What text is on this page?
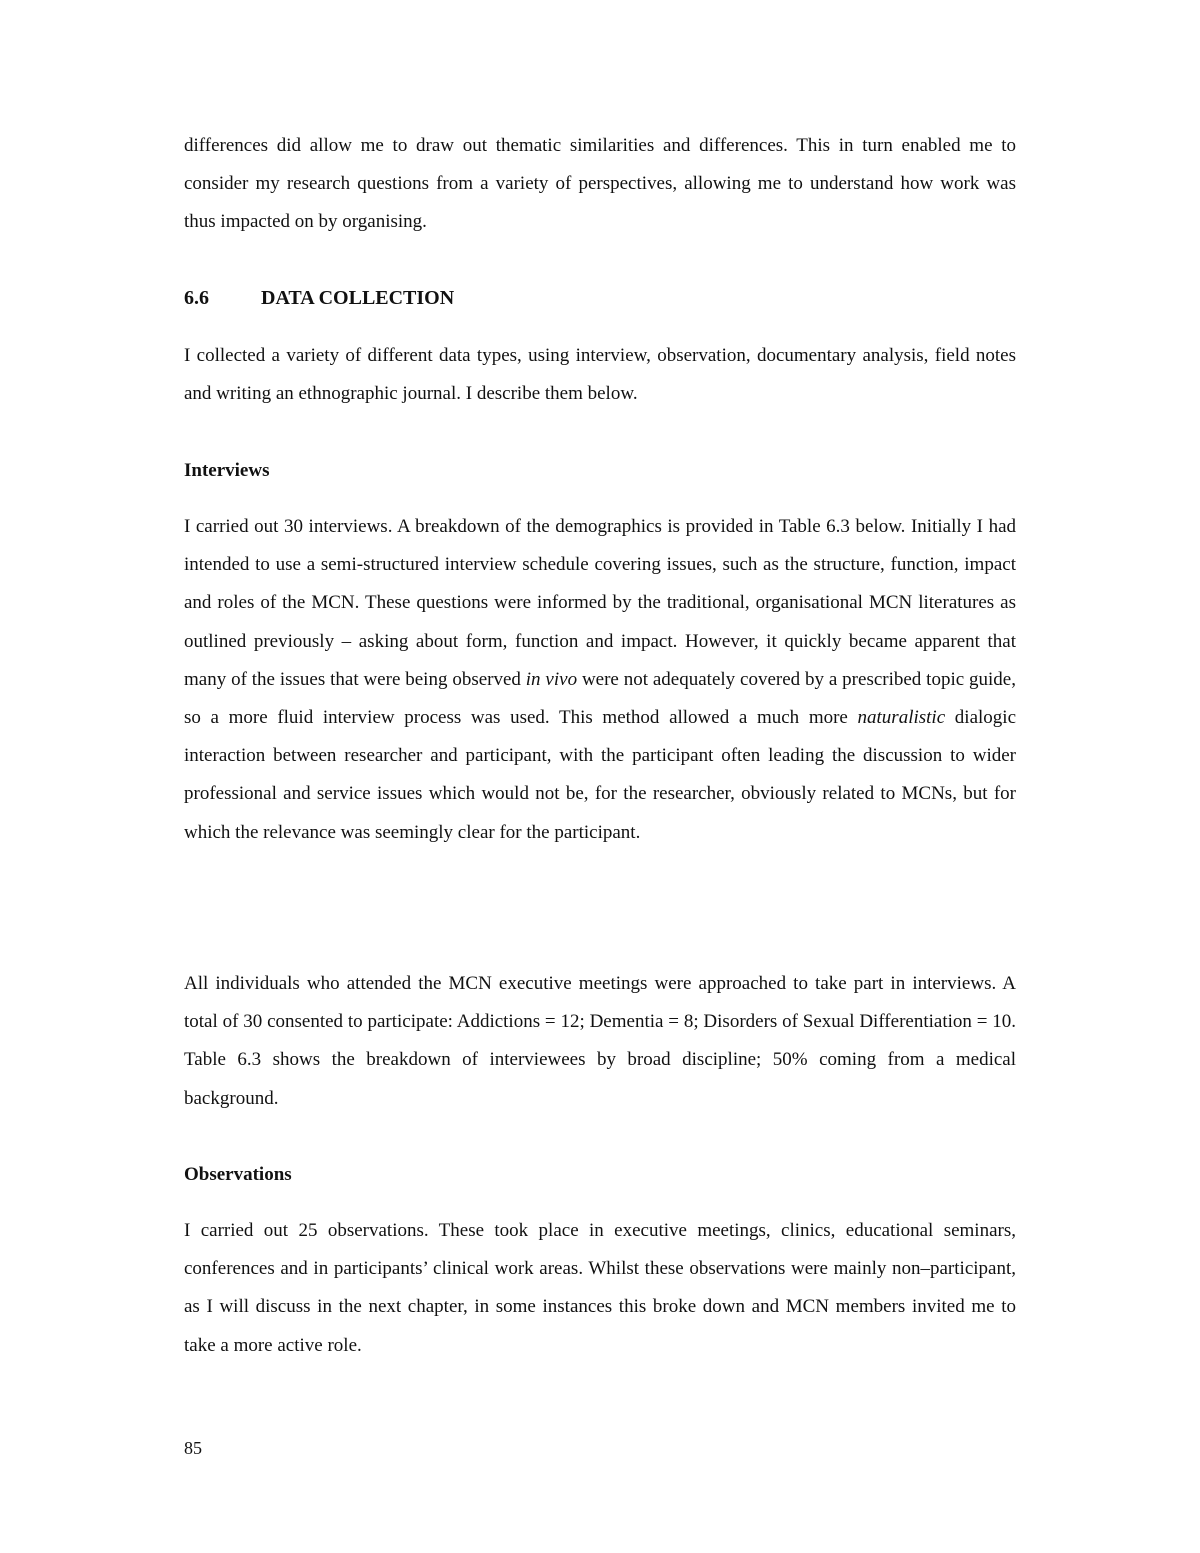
differences did allow me to draw out thematic similarities and differences. This in turn enabled me to consider my research questions from a variety of perspectives, allowing me to understand how work was thus impacted on by organising.

6.6	DATA COLLECTION

I collected a variety of different data types, using interview, observation, documentary analysis, field notes and writing an ethnographic journal. I describe them below.

Interviews

I carried out 30 interviews. A breakdown of the demographics is provided in Table 6.3 below. Initially I had intended to use a semi-structured interview schedule covering issues, such as the structure, function, impact and roles of the MCN. These questions were informed by the traditional, organisational MCN literatures as outlined previously – asking about form, function and impact. However, it quickly became apparent that many of the issues that were being observed in vivo were not adequately covered by a prescribed topic guide, so a more fluid interview process was used. This method allowed a much more naturalistic dialogic interaction between researcher and participant, with the participant often leading the discussion to wider professional and service issues which would not be, for the researcher, obviously related to MCNs, but for which the relevance was seemingly clear for the participant.

All individuals who attended the MCN executive meetings were approached to take part in interviews. A total of 30 consented to participate: Addictions = 12; Dementia = 8; Disorders of Sexual Differentiation = 10. Table 6.3 shows the breakdown of interviewees by broad discipline; 50% coming from a medical background.

Observations

I carried out 25 observations. These took place in executive meetings, clinics, educational seminars, conferences and in participants’ clinical work areas. Whilst these observations were mainly non–participant, as I will discuss in the next chapter, in some instances this broke down and MCN members invited me to take a more active role.

85
